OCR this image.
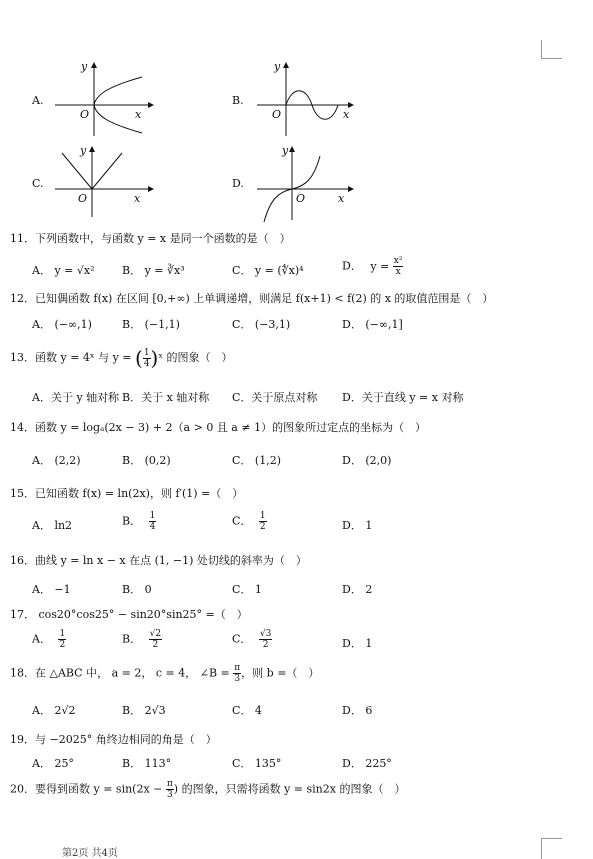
A.
y
x
O
B.
y
x
O
C.
y
x
O
D.
y
x
O
11．下列函数中，与函数 y = x 是同一个函数的是（　）
A． y = √x²	B． y = ∛x³	C． y = (∜x)⁴	D． $y = \frac{\text{x²}}{x}$
12．已知偶函数 f(x) 在区间 [0,+∞) 上单调递增，则满足 f(x+1) < f(2) 的 x 的取值范围是（　）
A． (−∞,1)	B． (−1,1)	C． (−3,1)	D． (−∞,1]
13．函数 y = 4ˣ 与 y = ( $\frac{1}{4}$ )ˣ 的图象（　）
A．关于 y 轴对称 B．关于 x 轴对称 C．关于原点对称 D．关于直线 y = x 对称
14．函数 y = logₐ(2x − 3) + 2（a > 0 且 a ≠ 1）的图象所过定点的坐标为（　）
A． (2,2)	B． (0,2)	C． (1,2)	D． (2,0)
15．已知函数 f(x) = ln(2x)，则 f′(1) =（　）
A． ln2	B． $\frac{1}{4}$	C． $\frac{1}{2}$	D． 1
16．曲线 y = ln x − x 在点 (1, −1) 处切线的斜率为（　）
A． −1	B． 0	C． 1	D． 2
17． cos20°cos25° − sin20°sin25° =（　）
A． $\frac{1}{2}$	B． $\frac{√2}{2}$	C． $\frac{√3}{2}$	D． 1
18．在 △ABC 中， a = 2， c = 4， ∠B = $\frac{\pi}{3}$ ，则 b =（　）
A． 2√2	B． 2√3	C． 4	D． 6
19．与 −2025° 角终边相同的角是（　）
A． 25°	B． 113°	C． 135°	D． 225°
20．要得到函数 $y = \sin(2x - \frac{\pi}{3}$ ) 的图象，只需将函数 y = sin2x 的图象（　）
第2页 共4页
